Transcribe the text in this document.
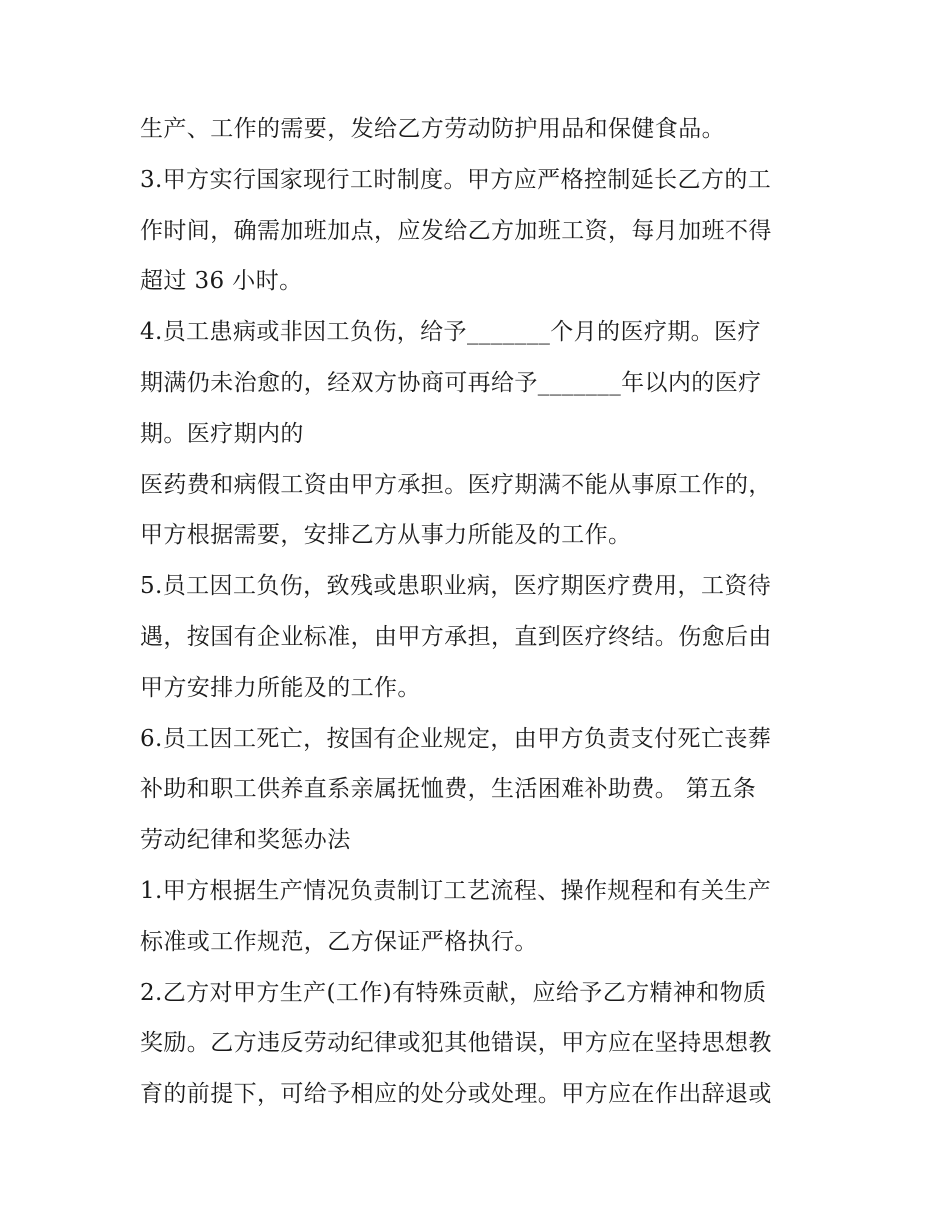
生产、工作的需要，发给乙方劳动防护用品和保健食品。
3.甲方实行国家现行工时制度。甲方应严格控制延长乙方的工
作时间，确需加班加点，应发给乙方加班工资，每月加班不得
超过 36 小时。
4.员工患病或非因工负伤，给予_______个月的医疗期。医疗
期满仍未治愈的，经双方协商可再给予_______年以内的医疗
期。医疗期内的
医药费和病假工资由甲方承担。医疗期满不能从事原工作的，
甲方根据需要，安排乙方从事力所能及的工作。
5.员工因工负伤，致残或患职业病，医疗期医疗费用，工资待
遇，按国有企业标准，由甲方承担，直到医疗终结。伤愈后由
甲方安排力所能及的工作。
6.员工因工死亡，按国有企业规定，由甲方负责支付死亡丧葬
补助和职工供养直系亲属抚恤费，生活困难补助费。 第五条
劳动纪律和奖惩办法
1.甲方根据生产情况负责制订工艺流程、操作规程和有关生产
标准或工作规范，乙方保证严格执行。
2.乙方对甲方生产(工作)有特殊贡献，应给予乙方精神和物质
奖励。乙方违反劳动纪律或犯其他错误，甲方应在坚持思想教
育的前提下，可给予相应的处分或处理。甲方应在作出辞退或
